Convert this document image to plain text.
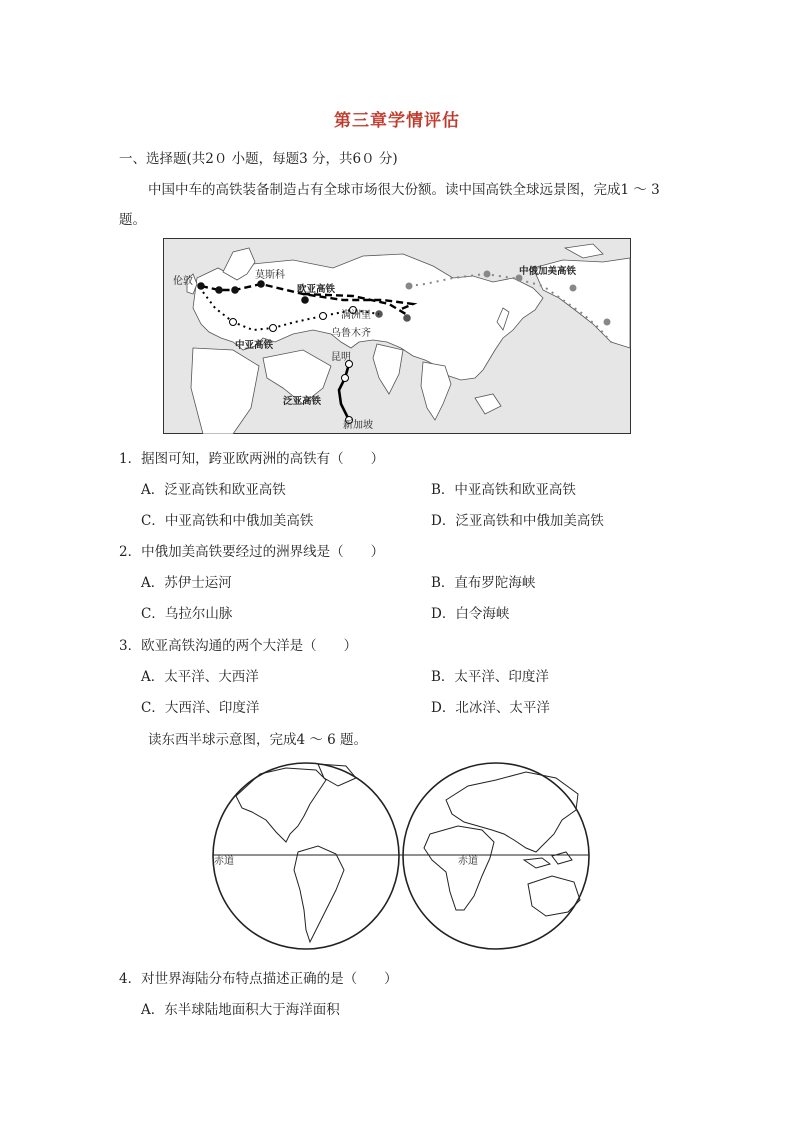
第三章学情评估
一、选择题(共2０ 小题，每题3 分，共6０ 分)
中国中车的高铁装备制造占有全球市场很大份额。读中国高铁全球远景图，完成1 ～ 3
题。
伦敦
莫斯科
欧亚高铁
满洲里
乌鲁木齐
中亚高铁
昆明
泛亚高铁
新加坡
中俄加美高铁
1．据图可知，跨亚欧两洲的高铁有（　　）
A．泛亚高铁和欧亚高铁	B．中亚高铁和欧亚高铁
C．中亚高铁和中俄加美高铁	D．泛亚高铁和中俄加美高铁
2．中俄加美高铁要经过的洲界线是（　　）
A．苏伊士运河	B．直布罗陀海峡
C．乌拉尔山脉	D．白令海峡
3．欧亚高铁沟通的两个大洋是（　　）
A．太平洋、大西洋	B．太平洋、印度洋
C．大西洋、印度洋	D．北冰洋、太平洋
读东西半球示意图，完成4 ～ 6 题。
赤道	赤道
4．对世界海陆分布特点描述正确的是（　　）
A．东半球陆地面积大于海洋面积
